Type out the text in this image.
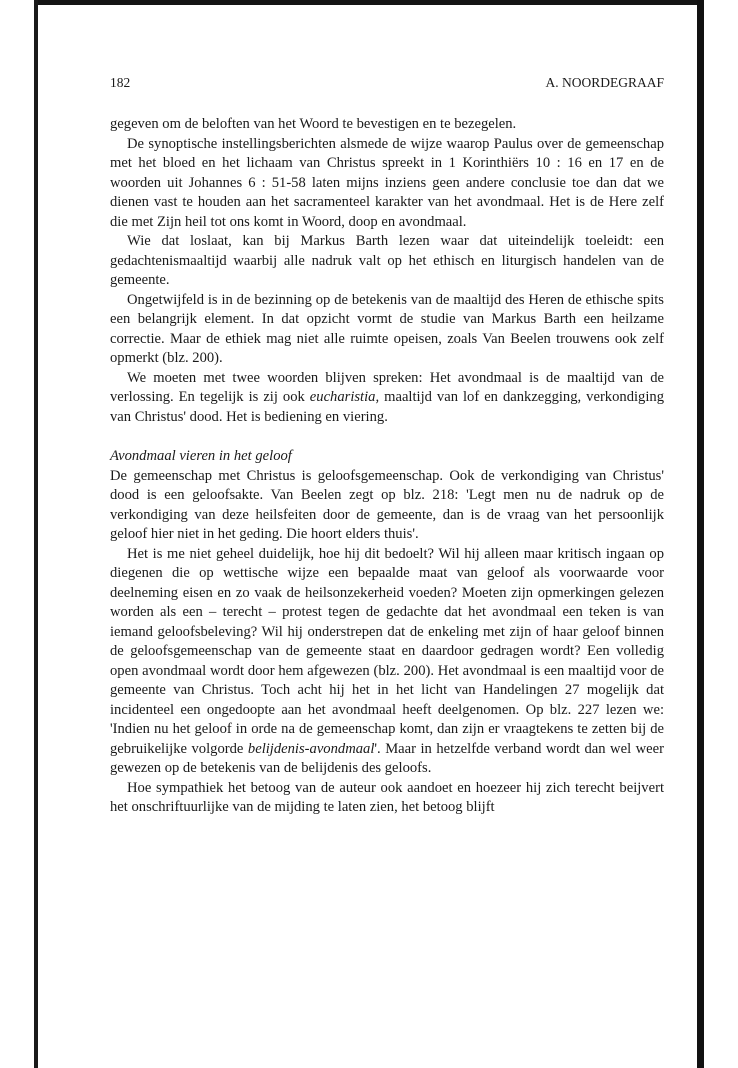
182	A. NOORDEGRAAF

gegeven om de beloften van het Woord te bevestigen en te bezegelen.

De synoptische instellingsberichten alsmede de wijze waarop Paulus over de gemeenschap met het bloed en het lichaam van Christus spreekt in 1 Korinthiërs 10 : 16 en 17 en de woorden uit Johannes 6 : 51-58 laten mijns inziens geen andere conclusie toe dan dat we dienen vast te houden aan het sacramenteel karakter van het avondmaal. Het is de Here zelf die met Zijn heil tot ons komt in Woord, doop en avondmaal.

Wie dat loslaat, kan bij Markus Barth lezen waar dat uiteindelijk toeleidt: een gedachtenismaaltijd waarbij alle nadruk valt op het ethisch en liturgisch handelen van de gemeente.

Ongetwijfeld is in de bezinning op de betekenis van de maaltijd des Heren de ethische spits een belangrijk element. In dat opzicht vormt de studie van Markus Barth een heilzame correctie. Maar de ethiek mag niet alle ruimte opeisen, zoals Van Beelen trouwens ook zelf opmerkt (blz. 200).

We moeten met twee woorden blijven spreken: Het avondmaal is de maaltijd van de verlossing. En tegelijk is zij ook eucharistia, maaltijd van lof en dankzegging, verkondiging van Christus' dood. Het is bediening en viering.

Avondmaal vieren in het geloof

De gemeenschap met Christus is geloofsgemeenschap. Ook de verkondiging van Christus' dood is een geloofsakte. Van Beelen zegt op blz. 218: 'Legt men nu de nadruk op de verkondiging van deze heilsfeiten door de gemeente, dan is de vraag van het persoonlijk geloof hier niet in het geding. Die hoort elders thuis'.

Het is me niet geheel duidelijk, hoe hij dit bedoelt? Wil hij alleen maar kritisch ingaan op diegenen die op wettische wijze een bepaalde maat van geloof als voorwaarde voor deelneming eisen en zo vaak de heilsonzekerheid voeden? Moeten zijn opmerkingen gelezen worden als een – terecht – protest tegen de gedachte dat het avondmaal een teken is van iemand geloofsbeleving? Wil hij onderstrepen dat de enkeling met zijn of haar geloof binnen de geloofsgemeenschap van de gemeente staat en daardoor gedragen wordt? Een volledig open avondmaal wordt door hem afgewezen (blz. 200). Het avondmaal is een maaltijd voor de gemeente van Christus. Toch acht hij het in het licht van Handelingen 27 mogelijk dat incidenteel een ongedoopte aan het avondmaal heeft deelgenomen. Op blz. 227 lezen we: 'Indien nu het geloof in orde na de gemeenschap komt, dan zijn er vraagtekens te zetten bij de gebruikelijke volgorde belijdenis-avondmaal'. Maar in hetzelfde verband wordt dan wel weer gewezen op de betekenis van de belijdenis des geloofs.

Hoe sympathiek het betoog van de auteur ook aandoet en hoezeer hij zich terecht beijvert het onschriftuurlijke van de mijding te laten zien, het betoog blijft
